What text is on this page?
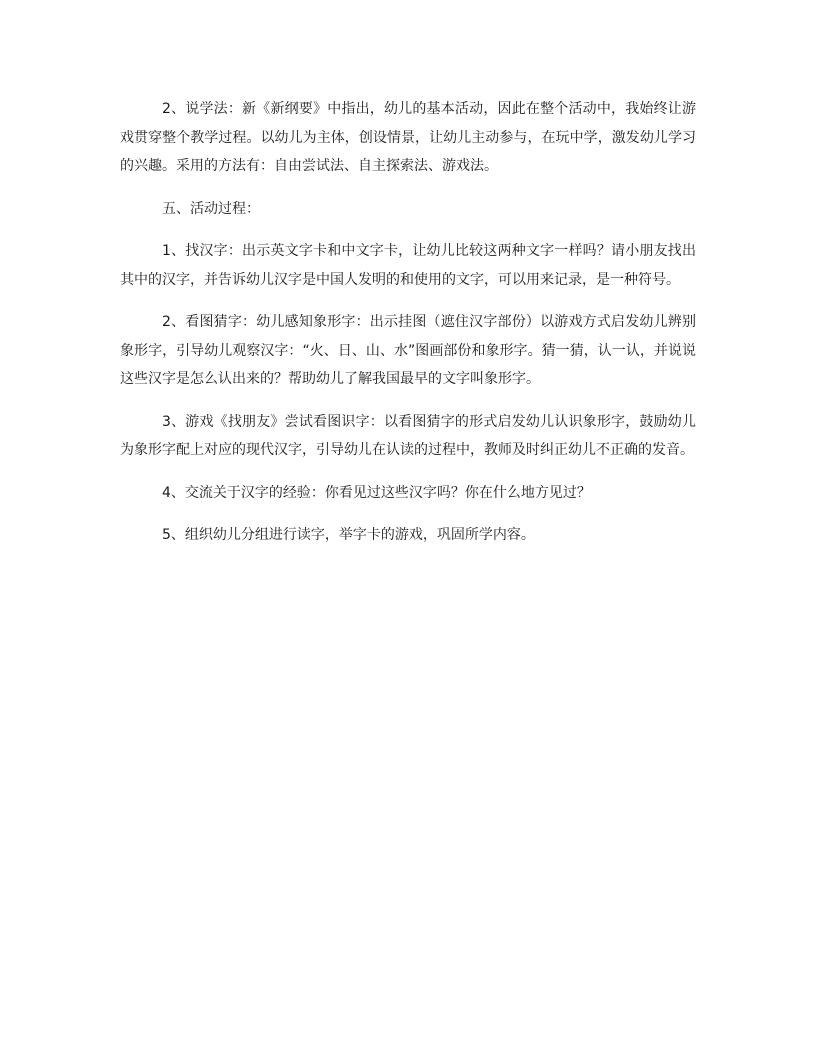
2、说学法：新《新纲要》中指出，幼儿的基本活动，因此在整个活动中，我始终让游戏贯穿整个教学过程。以幼儿为主体，创设情景，让幼儿主动参与，在玩中学，激发幼儿学习的兴趣。采用的方法有：自由尝试法、自主探索法、游戏法。

五、活动过程：

1、找汉字：出示英文字卡和中文字卡，让幼儿比较这两种文字一样吗？请小朋友找出其中的汉字，并告诉幼儿汉字是中国人发明的和使用的文字，可以用来记录，是一种符号。

2、看图猜字：幼儿感知象形字：出示挂图（遮住汉字部份）以游戏方式启发幼儿辨别象形字，引导幼儿观察汉字：“火、日、山、水”图画部份和象形字。猜一猜，认一认，并说说这些汉字是怎么认出来的？帮助幼儿了解我国最早的文字叫象形字。

3、游戏《找朋友》尝试看图识字：以看图猜字的形式启发幼儿认识象形字，鼓励幼儿为象形字配上对应的现代汉字，引导幼儿在认读的过程中，教师及时纠正幼儿不正确的发音。

4、交流关于汉字的经验：你看见过这些汉字吗？你在什么地方见过？

5、组织幼儿分组进行读字，举字卡的游戏，巩固所学内容。
